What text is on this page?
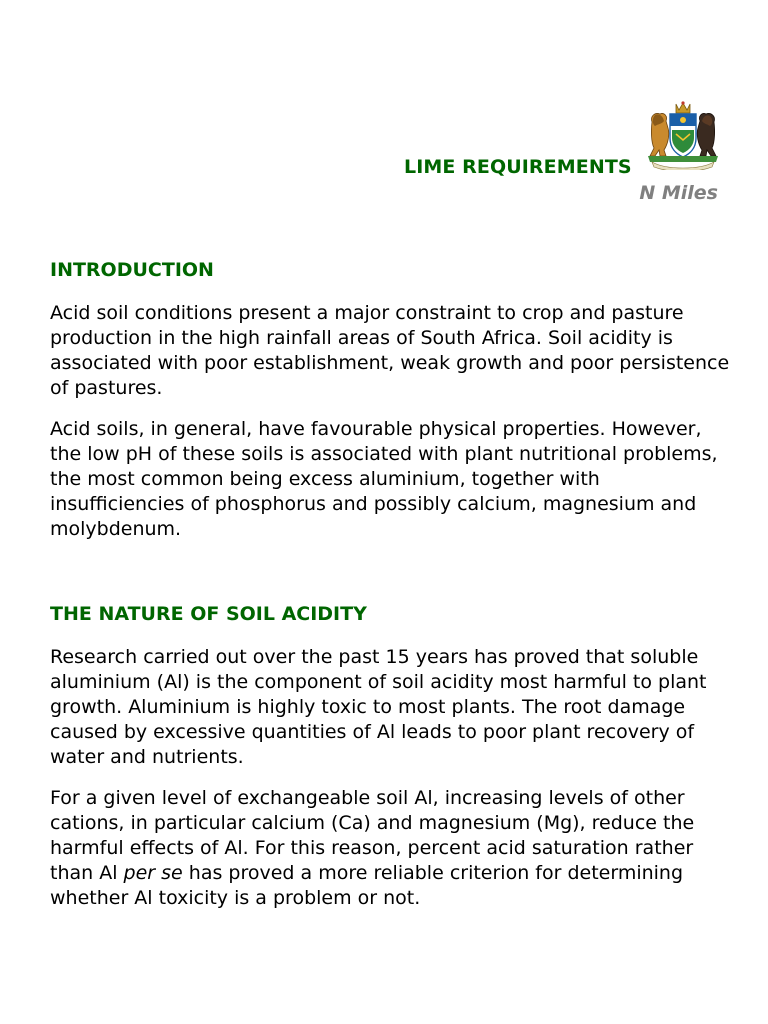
LIME REQUIREMENTS
N Miles
INTRODUCTION

Acid soil conditions present a major constraint to crop and pasture production in the high rainfall areas of South Africa. Soil acidity is associated with poor establishment, weak growth and poor persistence of pastures.

Acid soils, in general, have favourable physical properties. However, the low pH of these soils is associated with plant nutritional problems, the most common being excess aluminium, together with insufficiencies of phosphorus and possibly calcium, magnesium and molybdenum.

THE NATURE OF SOIL ACIDITY

Research carried out over the past 15 years has proved that soluble aluminium (Al) is the component of soil acidity most harmful to plant growth. Aluminium is highly toxic to most plants. The root damage caused by excessive quantities of Al leads to poor plant recovery of water and nutrients.

For a given level of exchangeable soil Al, increasing levels of other cations, in particular calcium (Ca) and magnesium (Mg), reduce the harmful effects of Al. For this reason, percent acid saturation rather than Al per se has proved a more reliable criterion for determining whether Al toxicity is a problem or not.
